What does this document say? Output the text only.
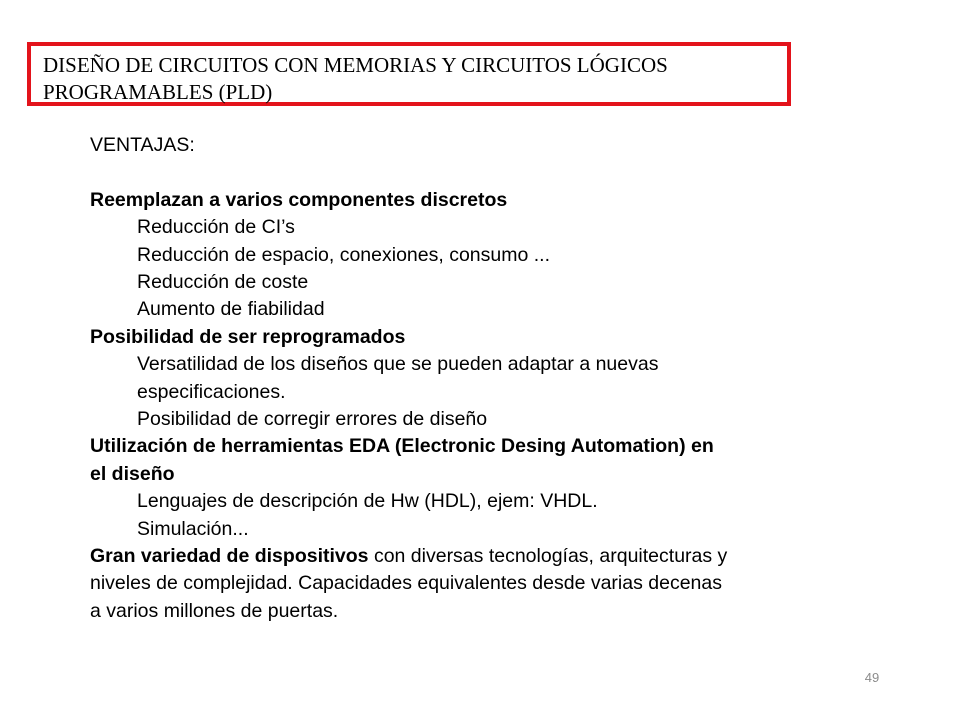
DISEÑO DE CIRCUITOS CON MEMORIAS Y CIRCUITOS LÓGICOS
PROGRAMABLES (PLD)
VENTAJAS:
Reemplazan a varios componentes discretos
Reducción de CI’s
Reducción de espacio, conexiones, consumo ...
Reducción de coste
Aumento de fiabilidad
Posibilidad de ser reprogramados
Versatilidad de los diseños que se pueden adaptar a nuevas
especificaciones.
Posibilidad de corregir errores de diseño
Utilización de herramientas EDA (Electronic Desing Automation) en
el diseño
Lenguajes de descripción de Hw (HDL), ejem: VHDL.
Simulación...
Gran variedad de dispositivos con diversas tecnologías, arquitecturas y
niveles de complejidad. Capacidades equivalentes desde varias decenas
a varios millones de puertas.
49
